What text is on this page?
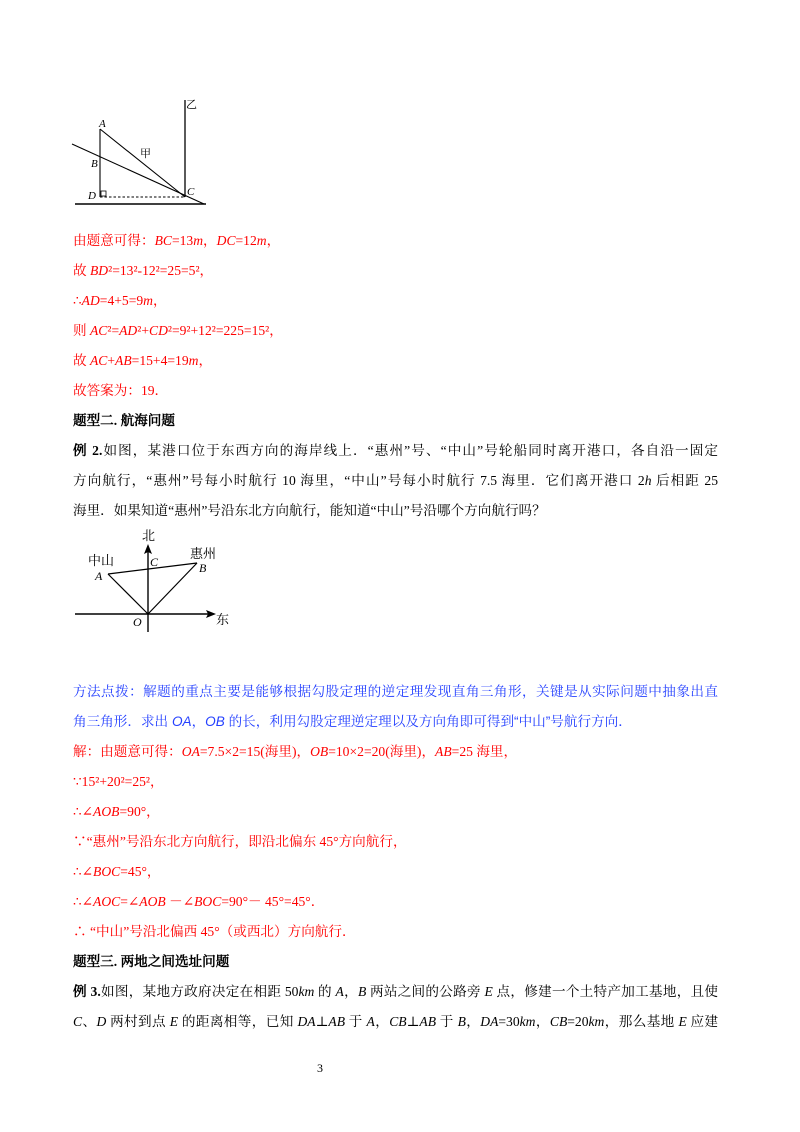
乙
A
甲
B
D	C
由题意可得：BC=13m，DC=12m，
故 BD²=13²-12²=25=5²，
∴AD=4+5=9m，
则 AC²=AD²+CD²=9²+12²=225=15²，
故 AC+AB=15+4=19m，
故答案为：19．
题型二. 航海问题
例 2.如图，某港口位于东西方向的海岸线上．“惠州”号、“中山”号轮船同时离开港口，各自沿一固定
方向航行，“惠州”号每小时航行 10 海里，“中山”号每小时航行 7.5 海里．它们离开港口 2h 后相距 25
海里．如果知道“惠州”号沿东北方向航行，能知道“中山”号沿哪个方向航行吗？
北
中山	惠州
A
C	B
O	东
方法点拨：解题的重点主要是能够根据勾股定理的逆定理发现直角三角形，关键是从实际问题中抽象出直
角三角形．求出 OA，OB 的长，利用勾股定理逆定理以及方向角即可得到“中山”号航行方向．
解：由题意可得：OA=7.5×2=15(海里)，OB=10×2=20(海里)，AB=25 海里，
∵15²+20²=25²，
∴∠AOB=90°，
∵“惠州”号沿东北方向航行，即沿北偏东 45°方向航行，
∴∠BOC=45°，
∴∠AOC=∠AOB －∠BOC=90°－ 45°=45°．
∴ “中山”号沿北偏西 45°（或西北）方向航行．
题型三. 两地之间选址问题
例 3.如图，某地方政府决定在相距 50km 的 A，B 两站之间的公路旁 E 点，修建一个土特产加工基地，且使
C、D 两村到点 E 的距离相等，已知 DA⊥AB 于 A，CB⊥AB 于 B，DA=30km，CB=20km，那么基地 E 应建
3
